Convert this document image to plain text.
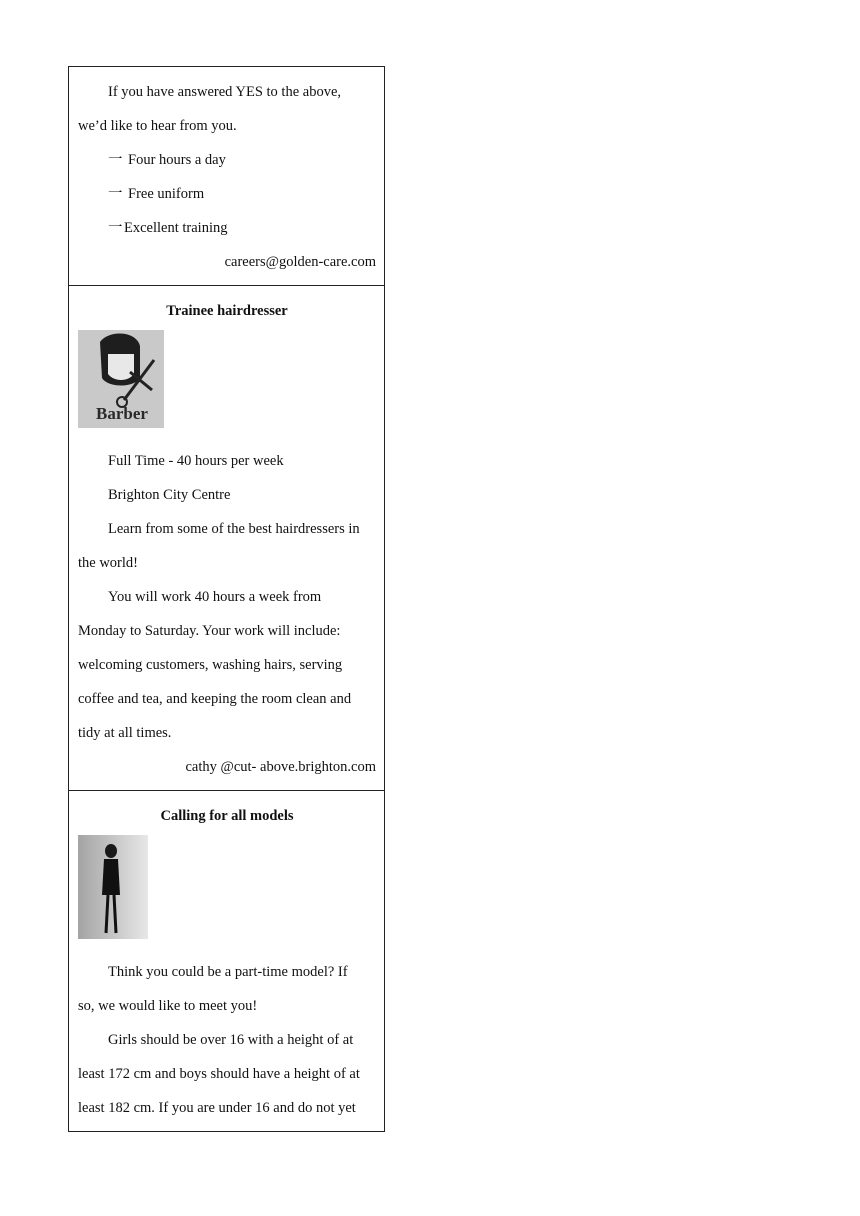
If you have answered YES to the above,

we’d like to hear from you.

一 Four hours a day

一 Free uniform

一 Excellent training

careers@golden-care.com

Trainee hairdresser

Barber

Full Time - 40 hours per week

Brighton City Centre

Learn from some of the best hairdressers in

the world!

You will work 40 hours a week from

Monday to Saturday. Your work will include:

welcoming customers, washing hairs, serving

coffee and tea, and keeping the room clean and

tidy at all times.

cathy @cut- above.brighton.com

Calling for all models

Think you could be a part-time model? If

so, we would like to meet you!

Girls should be over 16 with a height of at

least 172 cm and boys should have a height of at

least 182 cm. If you are under 16 and do not yet
